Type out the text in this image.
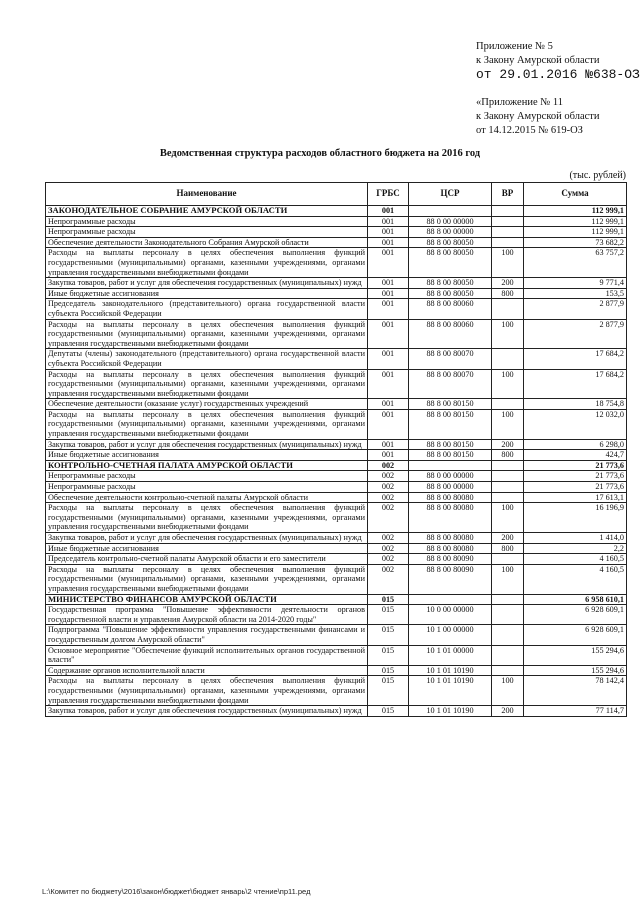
Приложение № 5
к Закону Амурской области
от 29.01.2016 №638-ОЗ
«Приложение № 11
к Закону Амурской области
от 14.12.2015 № 619-ОЗ
Ведомственная структура расходов областного бюджета на 2016 год
(тыс. рублей)
Наименование	ГРБС	ЦСР	ВР	Сумма
ЗАКОНОДАТЕЛЬНОЕ СОБРАНИЕ АМУРСКОЙ ОБЛАСТИ	001			112 999,1
Непрограммные расходы	001	88 0 00 00000		112 999,1
Непрограммные расходы	001	88 8 00 00000		112 999,1
Обеспечение деятельности Законодательного Собрания Амурской области	001	88 8 00 80050		73 682,2
Расходы на выплаты персоналу в целях обеспечения выполнения функций государственными (муниципальными) органами, казенными учреждениями, органами управления государственными внебюджетными фондами	001	88 8 00 80050	100	63 757,2
Закупка товаров, работ и услуг для обеспечения государственных (муниципальных) нужд	001	88 8 00 80050	200	9 771,4
Иные бюджетные ассигнования	001	88 8 00 80050	800	153,5
Председатель законодательного (представительного) органа государственной власти субъекта Российской Федерации	001	88 8 00 80060		2 877,9
Расходы на выплаты персоналу в целях обеспечения выполнения функций государственными (муниципальными) органами, казенными учреждениями, органами управления государственными внебюджетными фондами	001	88 8 00 80060	100	2 877,9
Депутаты (члены) законодательного (представительного) органа государственной власти субъекта Российской Федерации	001	88 8 00 80070		17 684,2
Расходы на выплаты персоналу в целях обеспечения выполнения функций государственными (муниципальными) органами, казенными учреждениями, органами управления государственными внебюджетными фондами	001	88 8 00 80070	100	17 684,2
Обеспечение деятельности (оказание услуг) государственных учреждений	001	88 8 00 80150		18 754,8
Расходы на выплаты персоналу в целях обеспечения выполнения функций государственными (муниципальными) органами, казенными учреждениями, органами управления государственными внебюджетными фондами	001	88 8 00 80150	100	12 032,0
Закупка товаров, работ и услуг для обеспечения государственных (муниципальных) нужд	001	88 8 00 80150	200	6 298,0
Иные бюджетные ассигнования	001	88 8 00 80150	800	424,7
КОНТРОЛЬНО-СЧЕТНАЯ ПАЛАТА АМУРСКОЙ ОБЛАСТИ	002			21 773,6
Непрограммные расходы	002	88 0 00 00000		21 773,6
Непрограммные расходы	002	88 8 00 00000		21 773,6
Обеспечение деятельности контрольно-счетной палаты Амурской области	002	88 8 00 80080		17 613,1
Расходы на выплаты персоналу в целях обеспечения выполнения функций государственными (муниципальными) органами, казенными учреждениями, органами управления государственными внебюджетными фондами	002	88 8 00 80080	100	16 196,9
Закупка товаров, работ и услуг для обеспечения государственных (муниципальных) нужд	002	88 8 00 80080	200	1 414,0
Иные бюджетные ассигнования	002	88 8 00 80080	800	2,2
Председатель контрольно-счетной палаты Амурской области и его заместители	002	88 8 00 80090		4 160,5
Расходы на выплаты персоналу в целях обеспечения выполнения функций государственными (муниципальными) органами, казенными учреждениями, органами управления государственными внебюджетными фондами	002	88 8 00 80090	100	4 160,5
МИНИСТЕРСТВО ФИНАНСОВ АМУРСКОЙ ОБЛАСТИ	015			6 958 610,1
Государственная программа "Повышение эффективности деятельности органов государственной власти и управления Амурской области на 2014-2020 годы"	015	10 0 00 00000		6 928 609,1
Подпрограмма "Повышение эффективности управления государственными финансами и государственным долгом Амурской области"	015	10 1 00 00000		6 928 609,1
Основное мероприятие "Обеспечение функций исполнительных органов государственной власти"	015	10 1 01 00000		155 294,6
Содержание органов исполнительной власти	015	10 1 01 10190		155 294,6
Расходы на выплаты персоналу в целях обеспечения выполнения функций государственными (муниципальными) органами, казенными учреждениями, органами управления государственными внебюджетными фондами	015	10 1 01 10190	100	78 142,4
Закупка товаров, работ и услуг для обеспечения государственных (муниципальных) нужд	015	10 1 01 10190	200	77 114,7
L:\Комитет по бюджету\2016\закон\бюджет\бюджет январь\2 чтение\пр11.ред
